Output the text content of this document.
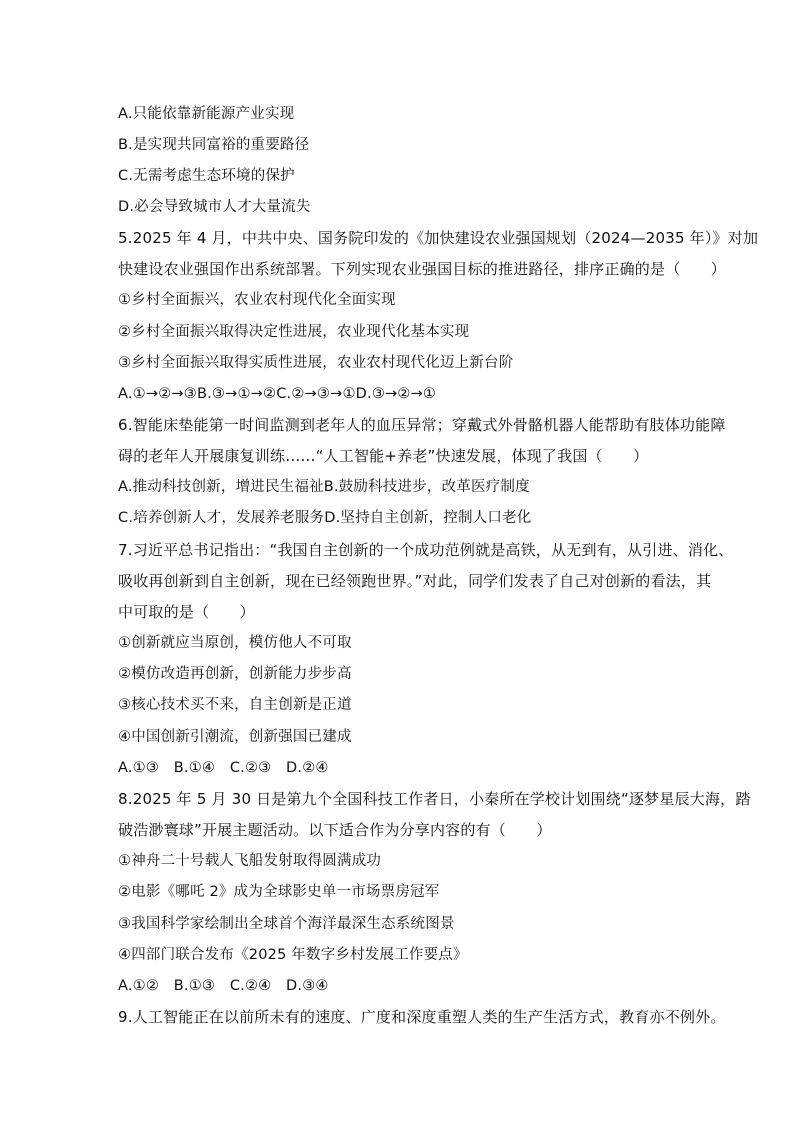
A.只能依靠新能源产业实现
B.是实现共同富裕的重要路径
C.无需考虑生态环境的保护
D.必会导致城市人才大量流失
5.2025 年 4 月，中共中央、国务院印发的《加快建设农业强国规划（2024—2035 年）》对加
快建设农业强国作出系统部署。下列实现农业强国目标的推进路径，排序正确的是（　　）
①乡村全面振兴，农业农村现代化全面实现
②乡村全面振兴取得决定性进展，农业现代化基本实现
③乡村全面振兴取得实质性进展，农业农村现代化迈上新台阶
A.①→②→③B.③→①→②C.②→③→①D.③→②→①
6.智能床垫能第一时间监测到老年人的血压异常；穿戴式外骨骼机器人能帮助有肢体功能障
碍的老年人开展康复训练……“人工智能+养老”快速发展，体现了我国（　　）
A.推动科技创新，增进民生福祉B.鼓励科技进步，改革医疗制度
C.培养创新人才，发展养老服务D.坚持自主创新，控制人口老化
7.习近平总书记指出：“我国自主创新的一个成功范例就是高铁，从无到有，从引进、消化、
吸收再创新到自主创新，现在已经领跑世界。”对此，同学们发表了自己对创新的看法，其
中可取的是（　　）
①创新就应当原创，模仿他人不可取
②模仿改造再创新，创新能力步步高
③核心技术买不来，自主创新是正道
④中国创新引潮流，创新强国已建成
A.①③　B.①④　C.②③　D.②④
8.2025 年 5 月 30 日是第九个全国科技工作者日，小秦所在学校计划围绕“逐梦星辰大海，踏
破浩渺寰球”开展主题活动。以下适合作为分享内容的有（　　）
①神舟二十号载人飞船发射取得圆满成功
②电影《哪吒 2》成为全球影史单一市场票房冠军
③我国科学家绘制出全球首个海洋最深生态系统图景
④四部门联合发布《2025 年数字乡村发展工作要点》
A.①②　B.①③　C.②④　D.③④
9.人工智能正在以前所未有的速度、广度和深度重塑人类的生产生活方式，教育亦不例外。
